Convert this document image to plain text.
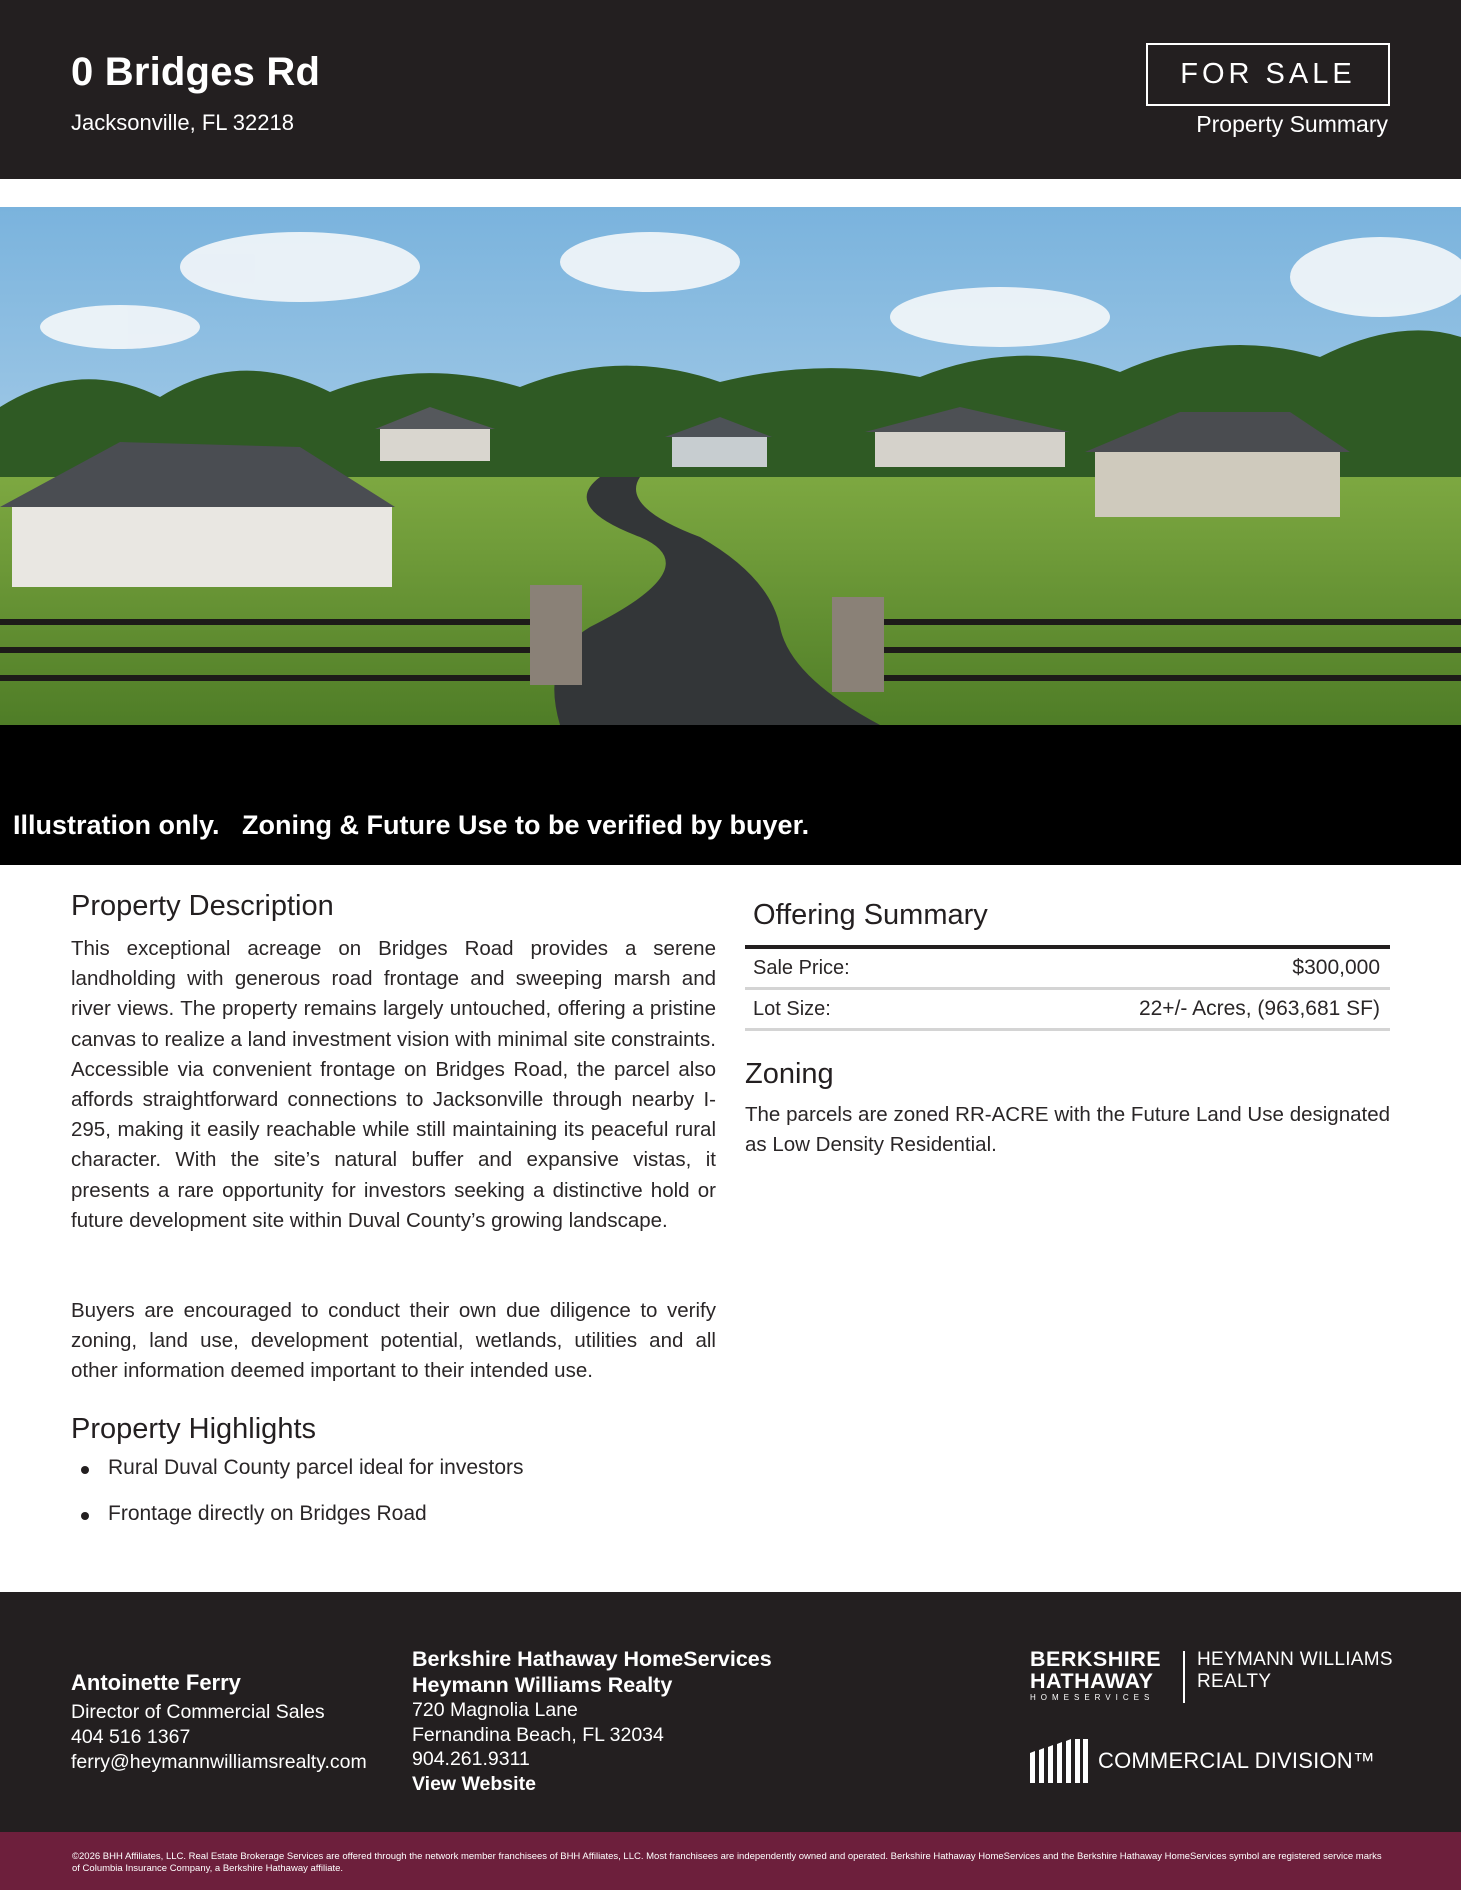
0 Bridges Rd
Jacksonville, FL 32218
FOR SALE
Property Summary
Illustration only.   Zoning & Future Use to be verified by buyer.
Property Description

This exceptional acreage on Bridges Road provides a serene landholding with generous road frontage and sweeping marsh and river views. The property remains largely untouched, offering a pristine canvas to realize a land investment vision with minimal site constraints. Accessible via convenient frontage on Bridges Road, the parcel also affords straightforward connections to Jacksonville through nearby I-295, making it easily reachable while still maintaining its peaceful rural character. With the site’s natural buffer and expansive vistas, it presents a rare opportunity for investors seeking a distinctive hold or future development site within Duval County’s growing landscape.

Buyers are encouraged to conduct their own due diligence to verify zoning, land use, development potential, wetlands, utilities and all other information deemed important to their intended use.

Property Highlights
Rural Duval County parcel ideal for investors
Frontage directly on Bridges Road
Offering Summary
Sale Price:	$300,000
Lot Size:	22+/- Acres, (963,681 SF)
Zoning

The parcels are zoned RR-ACRE with the Future Land Use designated as Low Density Residential.

Antoinette Ferry
Director of Commercial Sales
404 516 1367
ferry@heymannwilliamsrealty.com
Berkshire Hathaway HomeServices
Heymann Williams Realty
720 Magnolia Lane
Fernandina Beach, FL 32034
904.261.9311
View Website
BERKSHIRE
HATHAWAY
HOMESERVICES
HEYMANN WILLIAMS
REALTY
COMMERCIAL DIVISION™
©2026 BHH Affiliates, LLC. Real Estate Brokerage Services are offered through the network member franchisees of BHH Affiliates, LLC. Most franchisees are independently owned and operated. Berkshire Hathaway HomeServices and the Berkshire Hathaway HomeServices symbol are registered service marks of Columbia Insurance Company, a Berkshire Hathaway affiliate.
